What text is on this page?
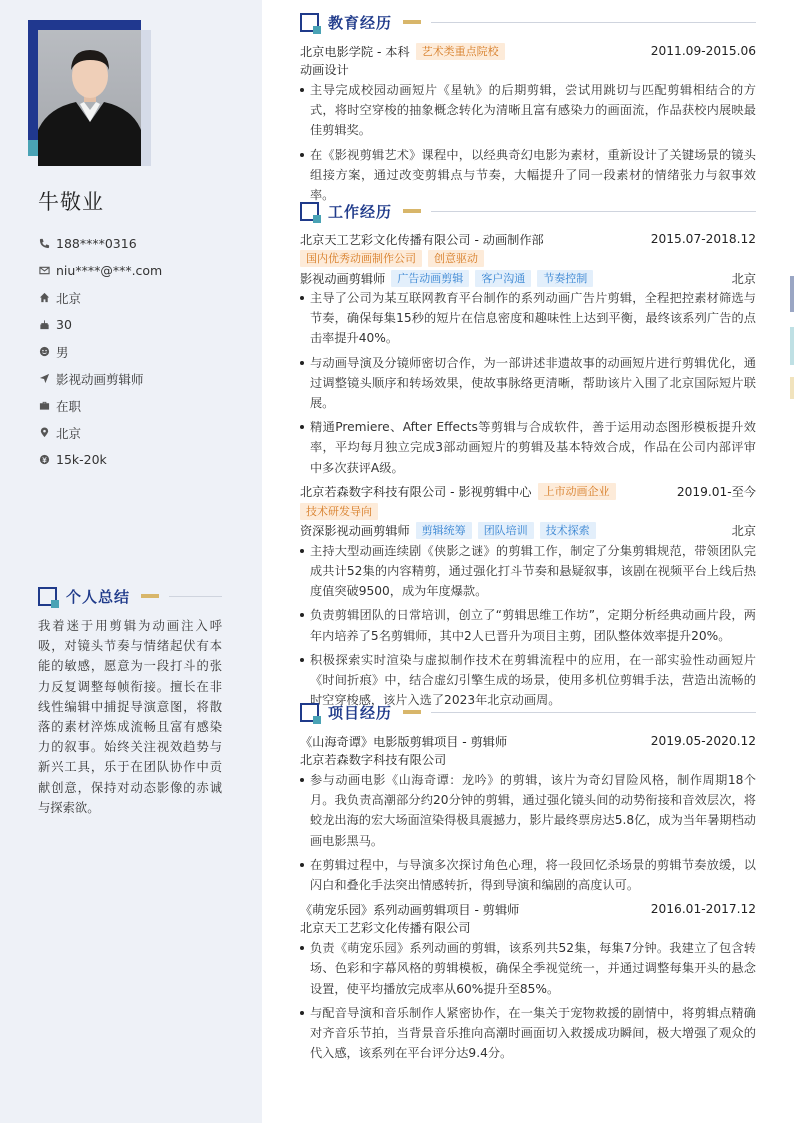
牛敬业
188****0316
niu****@***.com
北京
30
男
影视动画剪辑师
在职
北京
15k-20k
个人总结
我着迷于用剪辑为动画注入呼吸，对镜头节奏与情绪起伏有本能的敏感，愿意为一段打斗的张力反复调整每帧衔接。擅长在非线性编辑中捕捉导演意图，将散落的素材淬炼成流畅且富有感染力的叙事。始终关注视效趋势与新兴工具，乐于在团队协作中贡献创意，保持对动态影像的赤诚与探索欲。
教育经历
北京电影学院 - 本科	艺术类重点院校	2011.09-2015.06
动画设计
主导完成校园动画短片《星轨》的后期剪辑，尝试用跳切与匹配剪辑相结合的方式，将时空穿梭的抽象概念转化为清晰且富有感染力的画面流，作品获校内展映最佳剪辑奖。
在《影视剪辑艺术》课程中，以经典奇幻电影为素材，重新设计了关键场景的镜头组接方案，通过改变剪辑点与节奏，大幅提升了同一段素材的情绪张力与叙事效率。
工作经历
北京天工艺彩文化传播有限公司 - 动画制作部	2015.07-2018.12
国内优秀动画制作公司	创意驱动
影视动画剪辑师	广告动画剪辑	客户沟通	节奏控制	北京
主导了公司为某互联网教育平台制作的系列动画广告片剪辑，全程把控素材筛选与节奏，确保每集15秒的短片在信息密度和趣味性上达到平衡，最终该系列广告的点击率提升40%。
与动画导演及分镜师密切合作，为一部讲述非遗故事的动画短片进行剪辑优化，通过调整镜头顺序和转场效果，使故事脉络更清晰，帮助该片入围了北京国际短片联展。
精通Premiere、After Effects等剪辑与合成软件，善于运用动态图形模板提升效率，平均每月独立完成3部动画短片的剪辑及基本特效合成，作品在公司内部评审中多次获评A级。
北京若森数字科技有限公司 - 影视剪辑中心	上市动画企业	2019.01-至今
技术研发导向
资深影视动画剪辑师	剪辑统筹	团队培训	技术探索	北京
主持大型动画连续剧《侠影之谜》的剪辑工作，制定了分集剪辑规范，带领团队完成共计52集的内容精剪，通过强化打斗节奏和悬疑叙事，该剧在视频平台上线后热度值突破9500，成为年度爆款。
负责剪辑团队的日常培训，创立了“剪辑思维工作坊”，定期分析经典动画片段，两年内培养了5名剪辑师，其中2人已晋升为项目主剪，团队整体效率提升20%。
积极探索实时渲染与虚拟制作技术在剪辑流程中的应用，在一部实验性动画短片《时间折痕》中，结合虚幻引擎生成的场景，使用多机位剪辑手法，营造出流畅的时空穿梭感，该片入选了2023年北京动画周。
项目经历
《山海奇谭》电影版剪辑项目 - 剪辑师	2019.05-2020.12
北京若森数字科技有限公司
参与动画电影《山海奇谭：龙吟》的剪辑，该片为奇幻冒险风格，制作周期18个月。我负责高潮部分约20分钟的剪辑，通过强化镜头间的动势衔接和音效层次，将蛟龙出海的宏大场面渲染得极具震撼力，影片最终票房达5.8亿，成为当年暑期档动画电影黑马。
在剪辑过程中，与导演多次探讨角色心理，将一段回忆杀场景的剪辑节奏放缓，以闪白和叠化手法突出情感转折，得到导演和编剧的高度认可。
《萌宠乐园》系列动画剪辑项目 - 剪辑师	2016.01-2017.12
北京天工艺彩文化传播有限公司
负责《萌宠乐园》系列动画的剪辑，该系列共52集，每集7分钟。我建立了包含转场、色彩和字幕风格的剪辑模板，确保全季视觉统一，并通过调整每集开头的悬念设置，使平均播放完成率从60%提升至85%。
与配音导演和音乐制作人紧密协作，在一集关于宠物救援的剧情中，将剪辑点精确对齐音乐节拍，当背景音乐推向高潮时画面切入救援成功瞬间，极大增强了观众的代入感，该系列在平台评分达9.4分。
